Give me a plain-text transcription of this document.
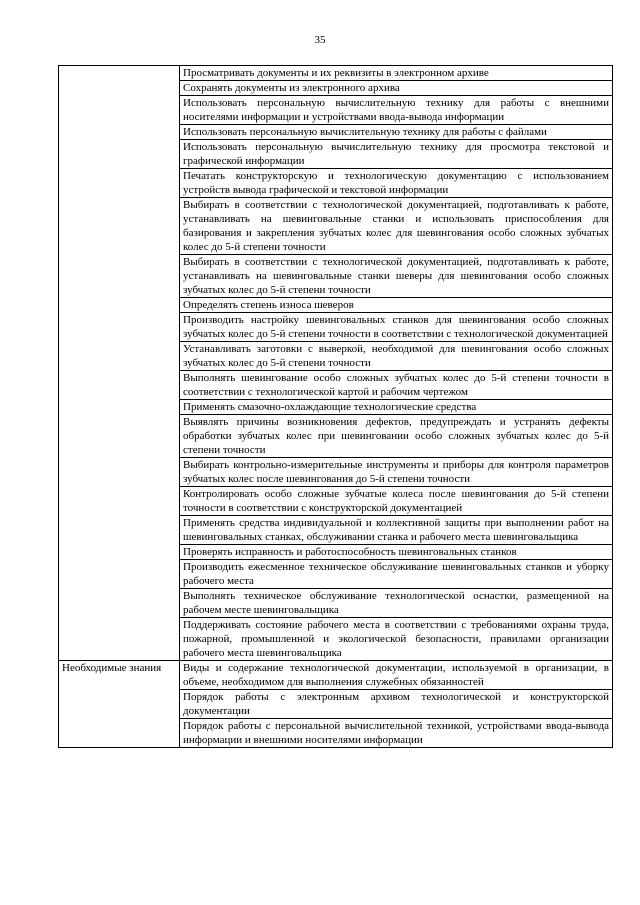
35
	Просматривать документы и их реквизиты в электронном архиве
	Сохранять документы из электронного архива
	Использовать персональную вычислительную технику для работы с внешними носителями информации и устройствами ввода-вывода информации
	Использовать персональную вычислительную технику для работы с файлами
	Использовать персональную вычислительную технику для просмотра текстовой и графической информации
	Печатать конструкторскую и технологическую документацию с использованием устройств вывода графической и текстовой информации
	Выбирать в соответствии с технологической документацией, подготавливать к работе, устанавливать на шевинговальные станки и использовать приспособления для базирования и закрепления зубчатых колес для шевингования особо сложных зубчатых колес до 5-й степени точности
	Выбирать в соответствии с технологической документацией, подготавливать к работе, устанавливать на шевинговальные станки шеверы для шевингования особо сложных зубчатых колес до 5-й степени точности
	Определять степень износа шеверов
	Производить настройку шевинговальных станков для шевингования особо сложных зубчатых колес до 5-й степени точности в соответствии с технологической документацией
	Устанавливать заготовки с выверкой, необходимой для шевингования особо сложных зубчатых колес до 5-й степени точности
	Выполнять шевингование особо сложных зубчатых колес до 5-й степени точности в соответствии с технологической картой и рабочим чертежом
	Применять смазочно-охлаждающие технологические средства
	Выявлять причины возникновения дефектов, предупреждать и устранять дефекты обработки зубчатых колес при шевинговании особо сложных зубчатых колес до 5-й степени точности
	Выбирать контрольно-измерительные инструменты и приборы для контроля параметров зубчатых колес после шевингования до 5-й степени точности
	Контролировать особо сложные зубчатые колеса после шевингования до 5-й степени точности в соответствии с конструкторской документацией
	Применять средства индивидуальной и коллективной защиты при выполнении работ на шевинговальных станках, обслуживании станка и рабочего места шевинговальщика
	Проверять исправность и работоспособность шевинговальных станков
	Производить ежесменное техническое обслуживание шевинговальных станков и уборку рабочего места
	Выполнять техническое обслуживание технологической оснастки, размещенной на рабочем месте шевинговальщика
	Поддерживать состояние рабочего места в соответствии с требованиями охраны труда, пожарной, промышленной и экологической безопасности, правилами организации рабочего места шевинговальщика
Необходимые знания	Виды и содержание технологической документации, используемой в организации, в объеме, необходимом для выполнения служебных обязанностей
	Порядок работы с электронным архивом технологической и конструкторской документации
	Порядок работы с персональной вычислительной техникой, устройствами ввода-вывода информации и внешними носителями информации
